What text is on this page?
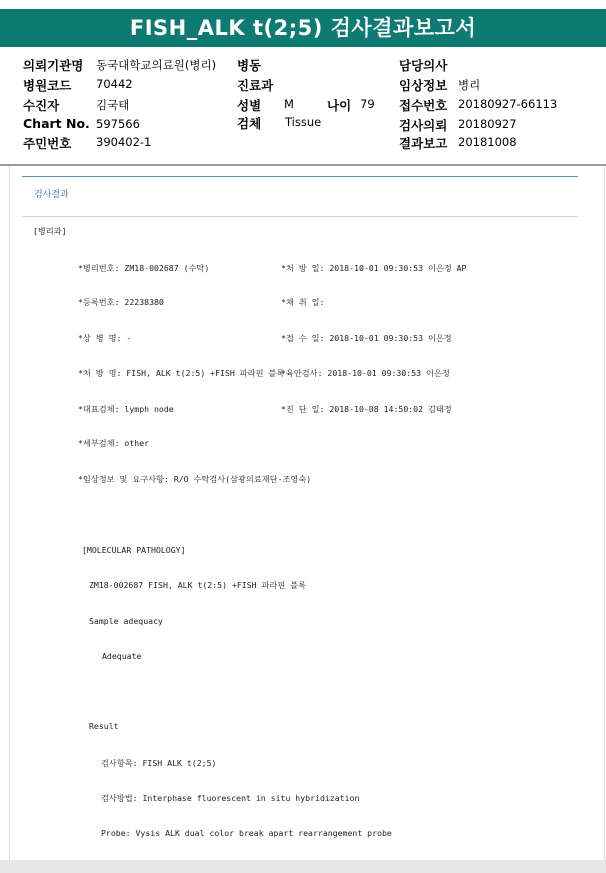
FISH_ALK t(2;5) 검사결과보고서
의뢰기관명 동국대학교의료원(병리)
병원코드 70442
수진자	김국태
Chart No. 597566
주민번호 390402-1
병동
진료과
성별 M	나이 79
검체 Tissue
담당의사
임상정보 병리
접수번호 20180927-66113
검사의뢰 20180927
결과보고 20181008
검사결과
[병리과]
*병리번호: ZM18-002687 (수탁)
*등록번호: 22238380
*상 병 명: -
*처 방 명: FISH, ALK t(2:5) +FISH 파라핀 블록
*대표검체: lymph node
*세부검체: other
*임상정보 및 요구사항: R/O 수탁검사(삼광의료재단-조영숙)
*처 방 일: 2018-10-01 09:30:53 이은정 AP
*채 취 일:
*접 수 일: 2018-10-01 09:30:53 이은정
*육안검사: 2018-10-01 09:30:53 이은정
*진 단 일: 2018-10-08 14:50:02 김태정
[MOLECULAR PATHOLOGY]
ZM18-002687 FISH, ALK t(2:5) +FISH 파라핀 블록
Sample adequacy
Adequate
Result
검사항목: FISH ALK t(2;5)
검사방법: Interphase fluorescent in situ hybridization
Probe: Vysis ALK dual color break apart rearrangement probe
